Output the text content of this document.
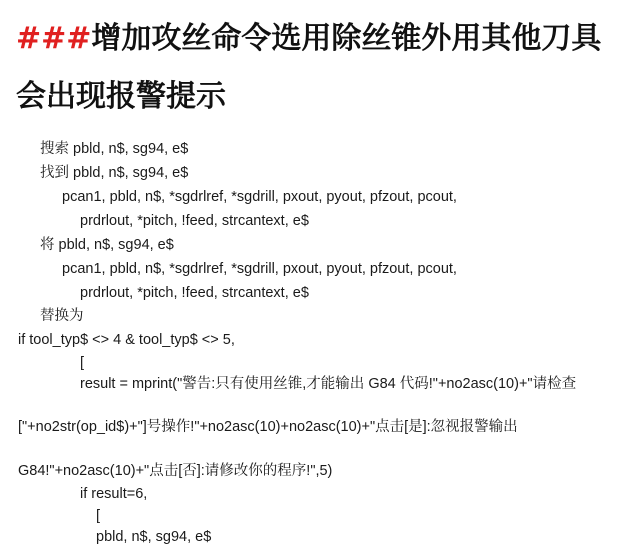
###增加攻丝命令选用除丝锥外用其他刀具会出现报警提示
搜索 pbld, n$, sg94, e$
找到 pbld, n$, sg94, e$
pcan1, pbld, n$, *sgdrlref, *sgdrill, pxout, pyout, pfzout, pcout,
prdrlout, *pitch, !feed, strcantext, e$
将 pbld, n$, sg94, e$
pcan1, pbld, n$, *sgdrlref, *sgdrill, pxout, pyout, pfzout, pcout,
prdrlout, *pitch, !feed, strcantext, e$
替换为
if tool_typ$ <> 4 & tool_typ$ <> 5,
[
result = mprint("警告:只有使用丝锥,才能输出 G84 代码!"+no2asc(10)+"请检查
["+no2str(op_id$)+"]号操作!"+no2asc(10)+no2asc(10)+"点击[是]:忽视报警输出
G84!"+no2asc(10)+"点击[否]:请修改你的程序!",5)
if result=6,
[
pbld, n$, sg94, e$
